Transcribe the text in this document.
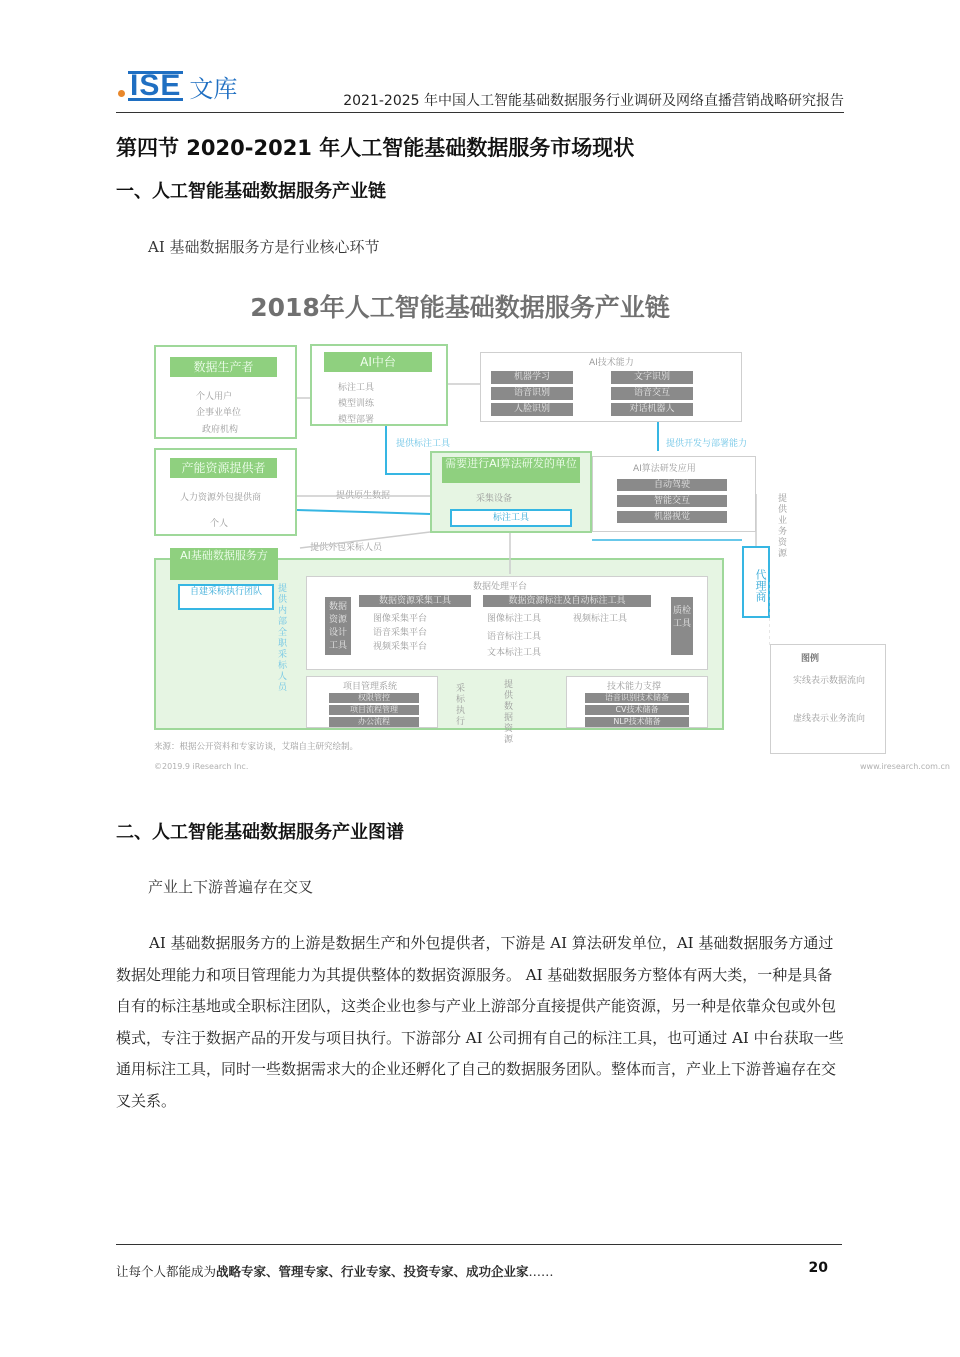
ISE 文库	2021-2025 年中国人工智能基础数据服务行业调研及网络直播营销战略研究报告
第四节 2020-2021 年人工智能基础数据服务市场现状
一、人工智能基础数据服务产业链
AI 基础数据服务方是行业核心环节
2018年人工智能基础数据服务产业链
数据生产者
个人用户
企事业单位
政府机构
产能资源提供者
人力资源外包提供商
个人
AI中台
标注工具
模型训练
模型部署
AI技术能力
机器学习	文字识别
语音识别	语音交互
人脸识别	对话机器人
需要进行AI算法研发的单位
采集设备
标注工具
AI算法研发应用
自动驾驶
智能交互
机器视觉
代理商
AI基础数据服务方
自建采标执行团队	提供内部全职采标人员
数据处理平台
数据资源设计工具
数据资源采集工具
图像采集平台
语音采集平台
视频采集平台
数据资源标注及自动标注工具
图像标注工具	视频标注工具
语音标注工具
文本标注工具
质检工具
项目管理系统
权限管控
项目流程管理
办公流程
采标执行
提供数据资源
技术能力支撑
语音识别技术储备
CV技术储备
NLP技术储备
提供标注工具	提供开发与部署能力
提供原生数据
提供外包采标人员
提供业务资源
来源：根据公开资料和专家访谈，艾瑞自主研究绘制。
©2019.9 iResearch Inc.	www.iresearch.com.cn
图例
实线表示数据流向
虚线表示业务流向
二、人工智能基础数据服务产业图谱
产业上下游普遍存在交叉

AI 基础数据服务方的上游是数据生产和外包提供者，下游是 AI 算法研发单位，AI 基础数据服务方通过数据处理能力和项目管理能力为其提供整体的数据资源服务。 AI 基础数据服务方整体有两大类，一种是具备自有的标注基地或全职标注团队，这类企业也参与产业上游部分直接提供产能资源，另一种是依靠众包或外包模式，专注于数据产品的开发与项目执行。下游部分 AI 公司拥有自己的标注工具，也可通过 AI 中台获取一些通用标注工具，同时一些数据需求大的企业还孵化了自己的数据服务团队。整体而言，产业上下游普遍存在交叉关系。

让每个人都能成为战略专家、管理专家、行业专家、投资专家、成功企业家……	20
